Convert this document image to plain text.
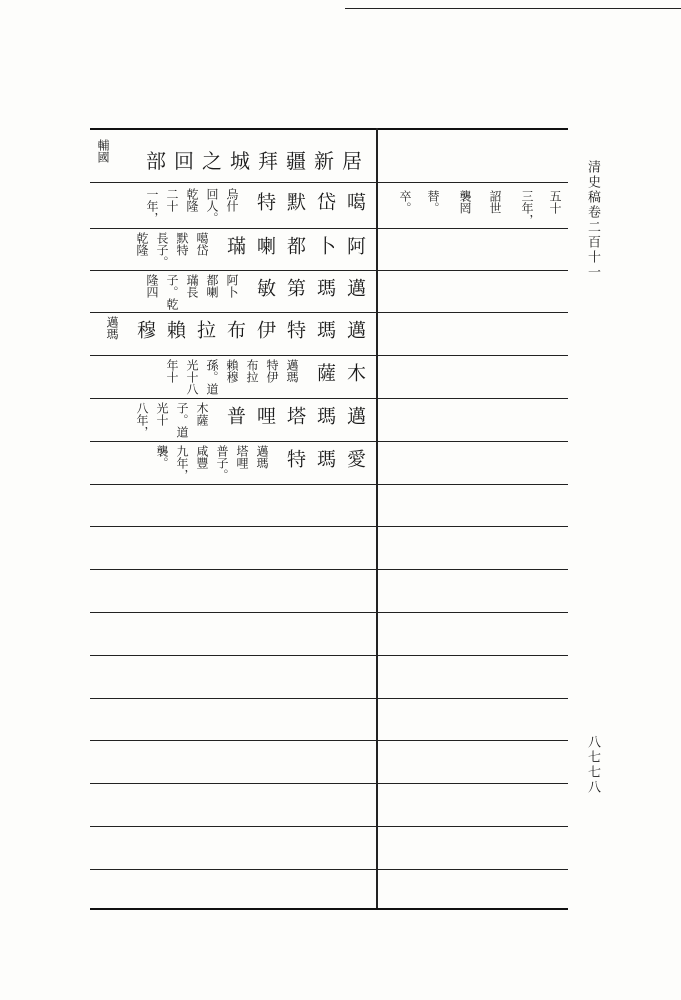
清史稿卷二百十一
八七七八
居新疆拜城之回部
輔國
五十
三年，
詔世
襲罔
替。
卒。
噶
岱
默
特
烏什
回人。
乾隆
二十
一年，
阿
卜
都
喇
璊
噶岱
默特
長子。
乾隆
邁
瑪
第
敏
阿卜
都喇
璊長
子。乾
隆四
邁
瑪
特
伊
布
拉
賴
穆
邁瑪
木
薩
邁瑪
特伊
布拉
賴穆
孫。道
光十八
年十
邁
瑪
塔
哩
普
木薩
子。道
光十
八年，
愛
瑪
特
邁瑪
塔哩
普子。
咸豐
九年，
襲。
